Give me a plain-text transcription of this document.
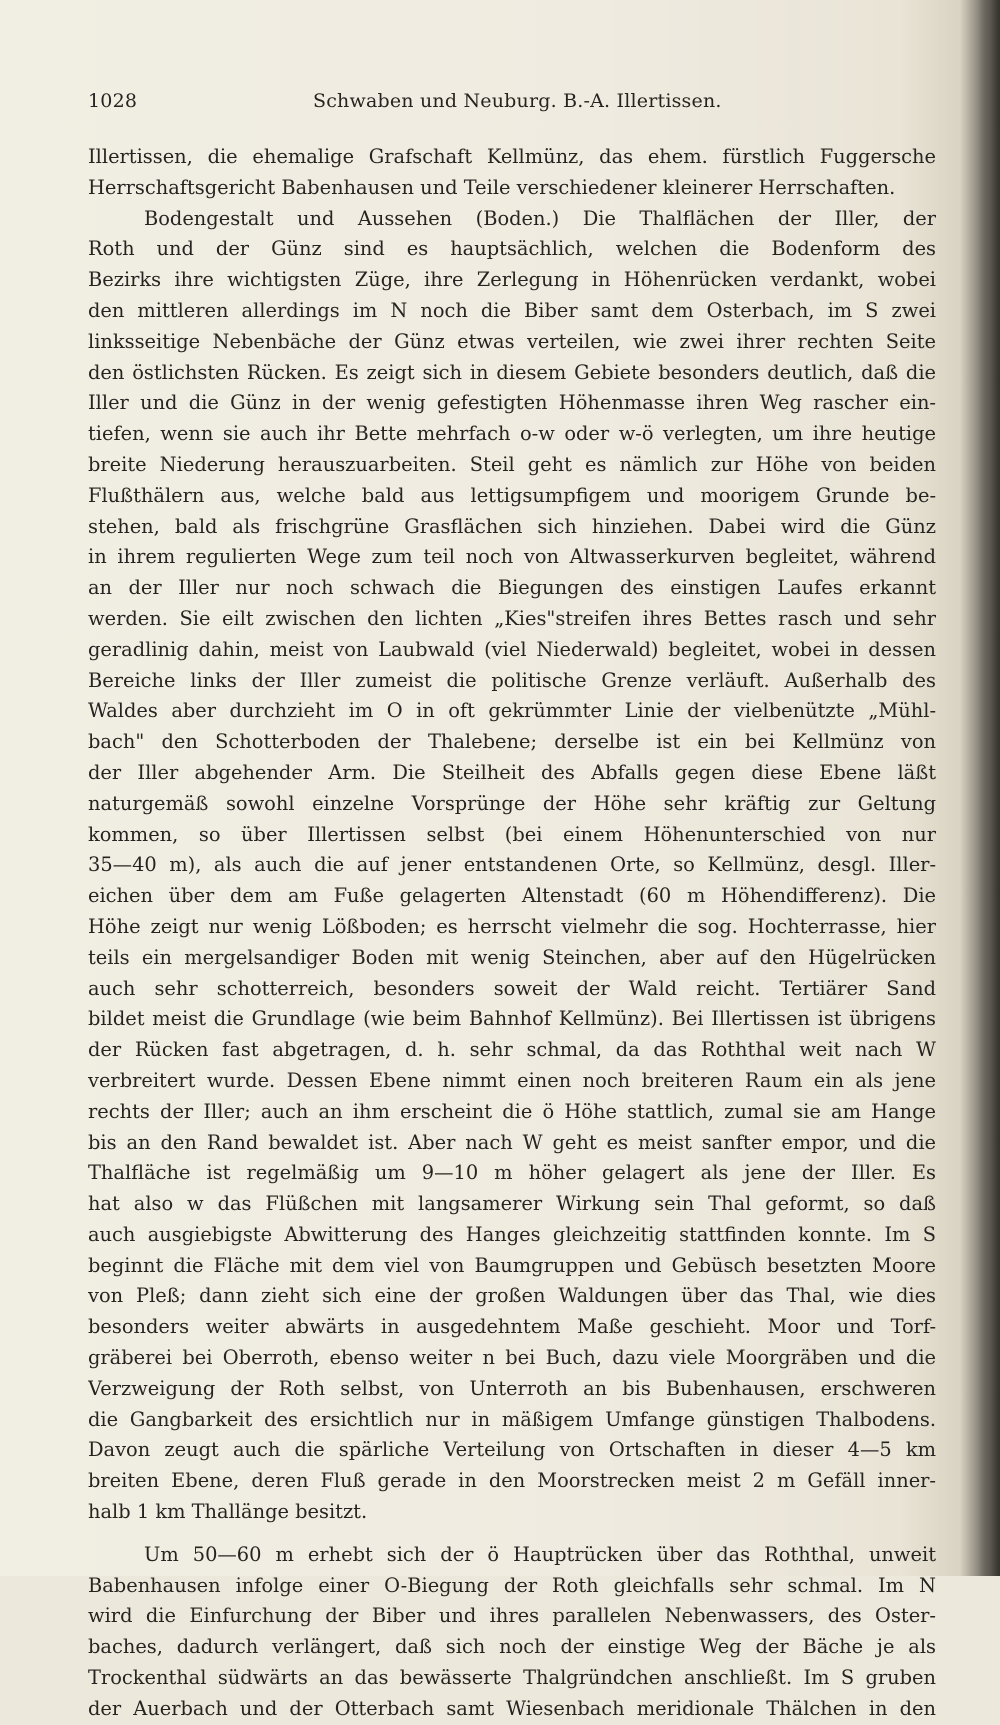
1028	Schwaben und Neuburg. B.-A. Illertissen.
Illertissen, die ehemalige Grafschaft Kellmünz, das ehem. fürstlich Fuggersche
Herrschaftsgericht Babenhausen und Teile verschiedener kleinerer Herrschaften.
Bodengestalt und Aussehen (Boden.) Die Thalflächen der Iller, der
Roth und der Günz sind es hauptsächlich, welchen die Bodenform des
Bezirks ihre wichtigsten Züge, ihre Zerlegung in Höhenrücken verdankt, wobei
den mittleren allerdings im N noch die Biber samt dem Osterbach, im S zwei
linksseitige Nebenbäche der Günz etwas verteilen, wie zwei ihrer rechten Seite
den östlichsten Rücken. Es zeigt sich in diesem Gebiete besonders deutlich, daß die
Iller und die Günz in der wenig gefestigten Höhenmasse ihren Weg rascher ein-
tiefen, wenn sie auch ihr Bette mehrfach o-w oder w-ö verlegten, um ihre heutige
breite Niederung herauszuarbeiten. Steil geht es nämlich zur Höhe von beiden
Flußthälern aus, welche bald aus lettigsumpfigem und moorigem Grunde be-
stehen, bald als frischgrüne Grasflächen sich hinziehen. Dabei wird die Günz
in ihrem regulierten Wege zum teil noch von Altwasserkurven begleitet, während
an der Iller nur noch schwach die Biegungen des einstigen Laufes erkannt
werden. Sie eilt zwischen den lichten „Kies"streifen ihres Bettes rasch und sehr
geradlinig dahin, meist von Laubwald (viel Niederwald) begleitet, wobei in dessen
Bereiche links der Iller zumeist die politische Grenze verläuft. Außerhalb des
Waldes aber durchzieht im O in oft gekrümmter Linie der vielbenützte „Mühl-
bach" den Schotterboden der Thalebene; derselbe ist ein bei Kellmünz von
der Iller abgehender Arm. Die Steilheit des Abfalls gegen diese Ebene läßt
naturgemäß sowohl einzelne Vorsprünge der Höhe sehr kräftig zur Geltung
kommen, so über Illertissen selbst (bei einem Höhenunterschied von nur
35—40 m), als auch die auf jener entstandenen Orte, so Kellmünz, desgl. Iller-
eichen über dem am Fuße gelagerten Altenstadt (60 m Höhendifferenz). Die
Höhe zeigt nur wenig Lößboden; es herrscht vielmehr die sog. Hochterrasse, hier
teils ein mergelsandiger Boden mit wenig Steinchen, aber auf den Hügelrücken
auch sehr schotterreich, besonders soweit der Wald reicht. Tertiärer Sand
bildet meist die Grundlage (wie beim Bahnhof Kellmünz). Bei Illertissen ist übrigens
der Rücken fast abgetragen, d. h. sehr schmal, da das Roththal weit nach W
verbreitert wurde. Dessen Ebene nimmt einen noch breiteren Raum ein als jene
rechts der Iller; auch an ihm erscheint die ö Höhe stattlich, zumal sie am Hange
bis an den Rand bewaldet ist. Aber nach W geht es meist sanfter empor, und die
Thalfläche ist regelmäßig um 9—10 m höher gelagert als jene der Iller. Es
hat also w das Flüßchen mit langsamerer Wirkung sein Thal geformt, so daß
auch ausgiebigste Abwitterung des Hanges gleichzeitig stattfinden konnte. Im S
beginnt die Fläche mit dem viel von Baumgruppen und Gebüsch besetzten Moore
von Pleß; dann zieht sich eine der großen Waldungen über das Thal, wie dies
besonders weiter abwärts in ausgedehntem Maße geschieht. Moor und Torf-
gräberei bei Oberroth, ebenso weiter n bei Buch, dazu viele Moorgräben und die
Verzweigung der Roth selbst, von Unterroth an bis Bubenhausen, erschweren
die Gangbarkeit des ersichtlich nur in mäßigem Umfange günstigen Thalbodens.
Davon zeugt auch die spärliche Verteilung von Ortschaften in dieser 4—5 km
breiten Ebene, deren Fluß gerade in den Moorstrecken meist 2 m Gefäll inner-
halb 1 km Thallänge besitzt.
Um 50—60 m erhebt sich der ö Hauptrücken über das Roththal, unweit
Babenhausen infolge einer O-Biegung der Roth gleichfalls sehr schmal. Im N
wird die Einfurchung der Biber und ihres parallelen Nebenwassers, des Oster-
baches, dadurch verlängert, daß sich noch der einstige Weg der Bäche je als
Trockenthal südwärts an das bewässerte Thalgründchen anschließt. Im S gruben
der Auerbach und der Otterbach samt Wiesenbach meridionale Thälchen in den
